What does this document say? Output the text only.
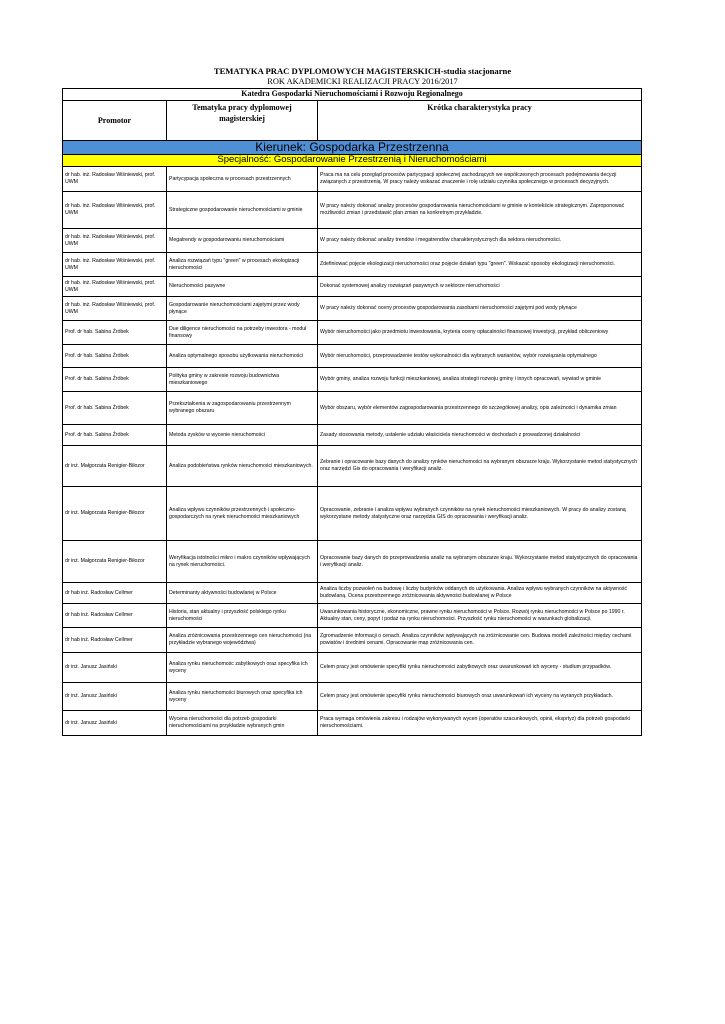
TEMATYKA PRAC DYPLOMOWYCH MAGISTERSKICH-studia stacjonarne
ROK AKADEMICKI REALIZACJI PRACY 2016/2017
Katedra Gospodarki Nieruchomościami i Rozwoju Regionalnego		
Promotor	Tematyka pracy dyplomowej magisterskiej	Krótka charakterystyka pracy
Kierunek: Gospodarka Przestrzenna		
Specjalność: Gospodarowanie Przestrzenią i Nieruchomościami		
dr hab. inż. Radosław Wiśniewski, prof. UWM	Partycypacja społeczna w procesach przestrzennych	Praca ma na celu przegląd procesów partycypacji społecznej zachodzących we współczesnych procesach podejmowania decyzji związanych z przestrzenią. W pracy należy wskazać znaczenie i rolę udziału czynnika społecznego w procesach decyzyjnych.
dr hab. inż. Radosław Wiśniewski, prof. UWM	Strategiczne gospodarowanie nieruchomościami w gminie	W pracy należy dokonać analizy procesów gospodarowania nieruchomościami w gminie w kontekście strategicznym. Zaproponować możliwości zmian i przedstawić plan zmian na konkretnym przykładzie.
dr hab. inż. Radosław Wiśniewski, prof. UWM	Megatrendy w gospodarowaniu nieruchomościami	W pracy należy dokonać analizy trendów i megatrendów charakterystycznych dla sektora nieruchomości.
dr hab. inż. Radosław Wiśniewski, prof. UWM	Analiza rozwiązań typu "green" w procesach ekologizacji nieruchomości	Zdefiniować pojęcie ekologizacji nieruchomości oraz pojęcie działań typu "green". Wskazać sposoby ekologizacji nieruchomości.
dr hab. inż. Radosław Wiśniewski, prof. UWM	Nieruchomości pasywne	Dokonać systemowej analizy rozwiązań pasywnych w sektorze nieruchomości
dr hab. inż. Radosław Wiśniewski, prof. UWM	Gospodarowanie nieruchomościami zajętymi przez wody płynące	W pracy należy dokonać oceny procesów gospodarowania zasobami nieruchomości zajętymi pod wody płynące
Prof. dr hab. Sabina Źróbek	Due diligence nieruchomości na potrzeby inwestora - moduł finansowy	Wybór nieruchomości jako przedmiotu inwestowania, kryteria oceny opłacalności finansowej inwestycji, przykład obliczeniowy
Prof. dr hab. Sabina Źróbek	Analiza optymalnego sposobu użytkowania nieruchomości	Wybór nieruchomości, przeprowadzenie testów wykonalności dla wybranych wariantów, wybór rozwiązania optymalnego
Prof. dr hab. Sabina Źróbek	Polityka gminy w zakresie rozwoju budownictwa mieszkaniowego	Wybór gminy, analiza rozwoju funkcji mieszkaniowej, analiza strategii rozwoju gminy i innych opracowań, wywiad w gminie
Prof. dr hab. Sabina Źróbek	Przekształcenia w zagospodarowaniu przestrzennym wybranego obszaru	Wybór obszaru, wybór elementów zagospodarowania przestrzennego do szczegółowej analizy, opis zależności i dynamika zmian
Prof. dr hab. Sabina Źróbek	Metoda zysków w wycenie nieruchomości	Zasady stosowania metody, ustalenie udziału właściciela nieruchomości w dochodach z prowadzonej działalności
dr inż. Małgorzata Renigier-Biłozor	Analiza podobieństwa rynków nieruchomości mieszkaniowych.	Zebranie i opracowanie bazy danych do analizy rynków nieruchomości na wybranym obszarze kraju. Wykorzystanie metod statystycznych oraz narzędzi Gis do opracowania i weryfikacji analiz.
dr inż. Małgorzata Renigier-Biłozor	Analiza wpływu czynników przestrzennych i społeczno-gospodarczych na rynek nieruchomości mieszkaniowych	Opracowanie, zebranie i analiza wpływu wybranych czynników na rynek nieruchomości mieszkaniowych. W pracy do analizy zostaną wykorzystane metody statystyczne oraz narzędzia GIS do opracowania i weryfikacji analiz.
dr inż. Małgorzata Renigier-Biłozor	Weryfikacja istotności mikro i makro czynników wpływających na rynek nieruchomości.	Opracowanie bazy danych do przeprowadzenia analiz na wybranym obszarze kraju. Wykorzystanie metod statystycznych do opracowania i weryfikacji analiz.
dr hab inż. Radosław Cellmer	Determinanty aktywności budowlanej w Polsce	Analiza liczby pozwoleń na budowę i liczby budynków oddanych do użytkowania. Analiza wpływu wybranych czynników na aktywność budowlaną. Ocena przestrzennego zróżnicowania aktywności budowlanej w Polsce
dr hab inż. Radosław Cellmer	Historia, stan aktualny i przyszłość polskiego rynku nieruchomości	Uwarunkowania historyczne, ekonomiczne, prawne rynku nieruchomości w Polsce. Rozwój rynku nieruchomości w Polsce po 1990 r. Aktualny stan, ceny, popyt i podaż na rynku nieruchomości. Przyszłość rynku nieruchomości w warunkach globalizacji.
dr hab inż. Radosław Cellmer	Analiza zróżnicowania przestrzennego cen nieruchomości (na przykładzie wybranego województwa)	Zgromadzenie informacji o cenach. Analiza czynników wpływających na zróżnicowanie cen. Budowa modeli zależności między cechami powiatów i średnimi cenami. Opracowanie map zróżnicowania cen.
dr inż. Janusz Jasiński	Analiza rynku nieruchomośc zabytkowych oraz specyfika ich wyceny	Celem pracy jest omówienie specyfiki rynku nieruchomości zabytkowych oraz uwarunkowań ich wyceny - studium przypadków.
dr inż. Janusz Jasiński	Analiza rynku nieruchomości biurowych oraz specyfika ich wyceny	Celem pracy jest omówienie specyfiki rynku nieruchomości biurowych oraz uwarunkowań ich wyceny na wyranych przykładach.
dr inż. Janusz Jasiński	Wycena nieruchomości dla potrzeb gospodarki nieruchomościami na przykładzie wybranych gmin	Praca wymaga omówienia zakresu i rodzajów wykonywanych wycen (operatów szacunkowych, opinii, eksprtyz) dla potrzeb gospodarki nieruchomościami.
